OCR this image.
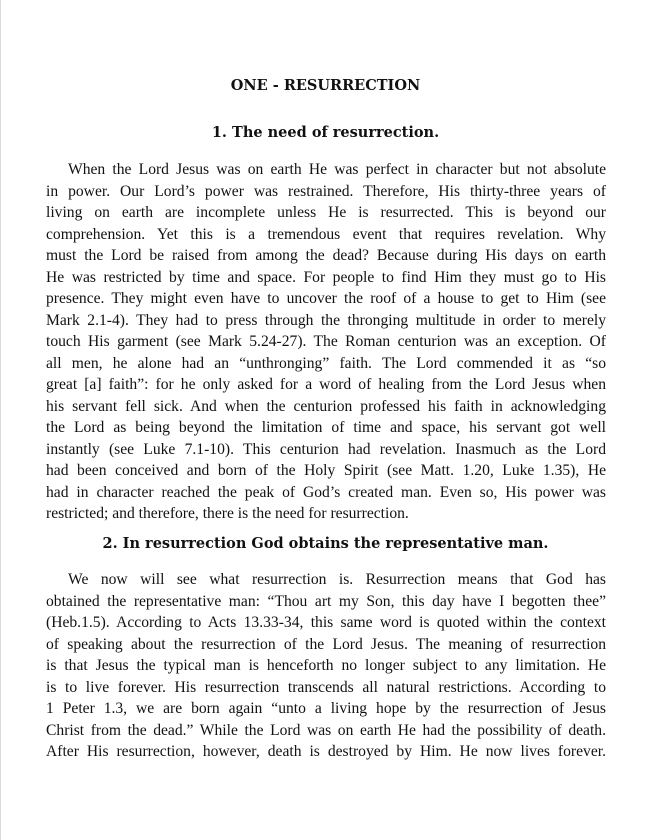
ONE - RESURRECTION
1. The need of resurrection.
When the Lord Jesus was on earth He was perfect in character but not absolute
in power. Our Lord’s power was restrained. Therefore, His thirty-three years of
living on earth are incomplete unless He is resurrected. This is beyond our
comprehension. Yet this is a tremendous event that requires revelation. Why
must the Lord be raised from among the dead? Because during His days on earth
He was restricted by time and space. For people to find Him they must go to His
presence. They might even have to uncover the roof of a house to get to Him (see
Mark 2.1-4). They had to press through the thronging multitude in order to merely
touch His garment (see Mark 5.24-27). The Roman centurion was an exception. Of
all men, he alone had an “unthronging” faith. The Lord commended it as “so
great [a] faith”: for he only asked for a word of healing from the Lord Jesus when
his servant fell sick. And when the centurion professed his faith in acknowledging
the Lord as being beyond the limitation of time and space, his servant got well
instantly (see Luke 7.1-10). This centurion had revelation. Inasmuch as the Lord
had been conceived and born of the Holy Spirit (see Matt. 1.20, Luke 1.35), He
had in character reached the peak of God’s created man. Even so, His power was
restricted; and therefore, there is the need for resurrection.
2. In resurrection God obtains the representative man.
We now will see what resurrection is. Resurrection means that God has
obtained the representative man: “Thou art my Son, this day have I begotten thee”
(Heb.1.5). According to Acts 13.33-34, this same word is quoted within the context
of speaking about the resurrection of the Lord Jesus. The meaning of resurrection
is that Jesus the typical man is henceforth no longer subject to any limitation. He
is to live forever. His resurrection transcends all natural restrictions. According to
1 Peter 1.3, we are born again “unto a living hope by the resurrection of Jesus
Christ from the dead.” While the Lord was on earth He had the possibility of death.
After His resurrection, however, death is destroyed by Him. He now lives forever.
